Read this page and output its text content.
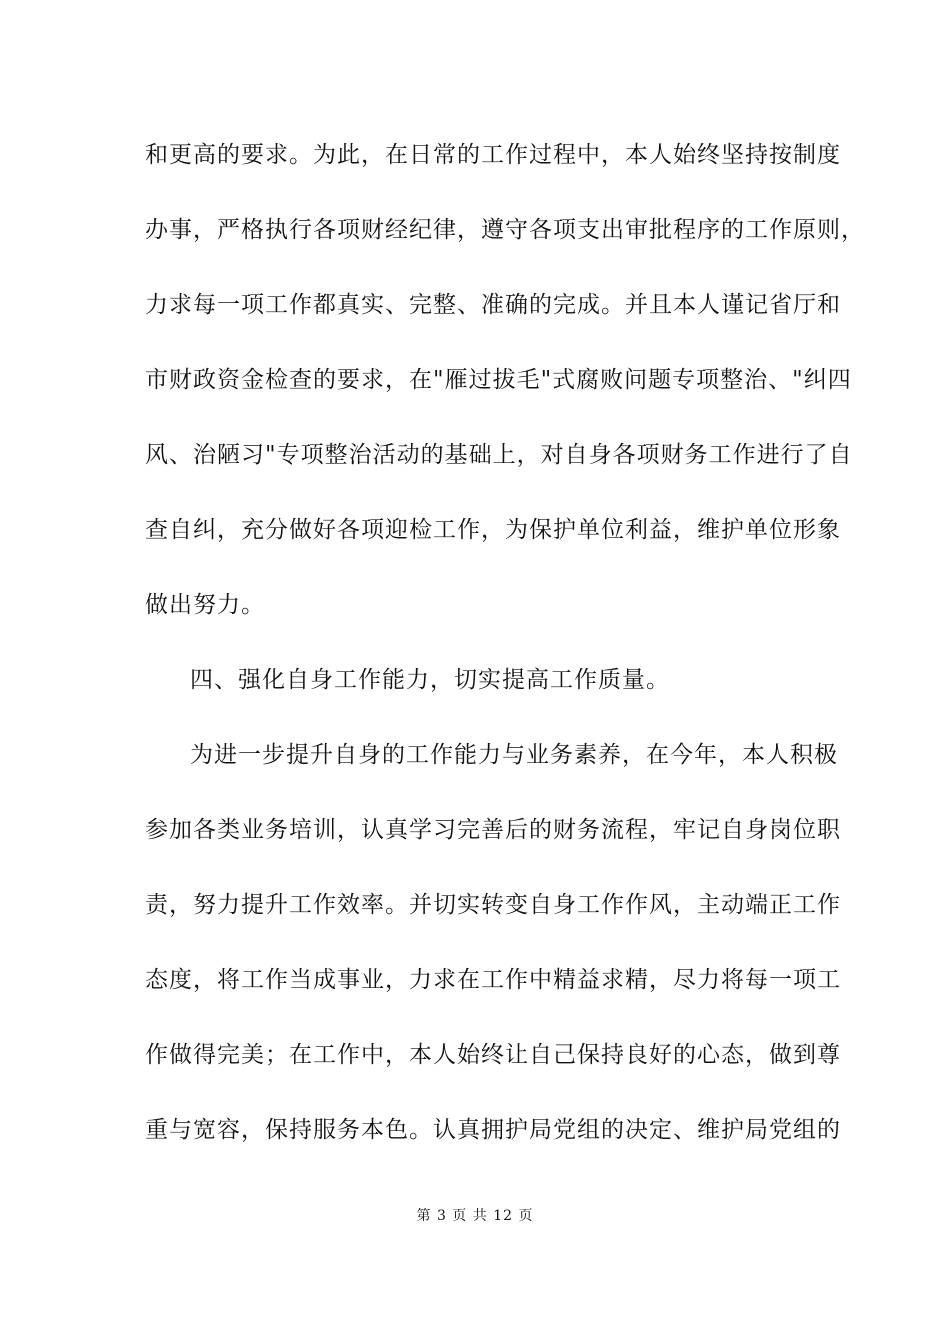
和更高的要求。为此，在日常的工作过程中，本人始终坚持按制度
办事，严格执行各项财经纪律，遵守各项支出审批程序的工作原则，
力求每一项工作都真实、完整、准确的完成。并且本人谨记省厅和
市财政资金检查的要求，在"雁过拔毛"式腐败问题专项整治、"纠四
风、治陋习"专项整治活动的基础上，对自身各项财务工作进行了自
查自纠，充分做好各项迎检工作，为保护单位利益，维护单位形象
做出努力。
四、强化自身工作能力，切实提高工作质量。
为进一步提升自身的工作能力与业务素养，在今年，本人积极
参加各类业务培训，认真学习完善后的财务流程，牢记自身岗位职
责，努力提升工作效率。并切实转变自身工作作风，主动端正工作
态度，将工作当成事业，力求在工作中精益求精，尽力将每一项工
作做得完美；在工作中，本人始终让自己保持良好的心态，做到尊
重与宽容，保持服务本色。认真拥护局党组的决定、维护局党组的
第 3 页 共 12 页
